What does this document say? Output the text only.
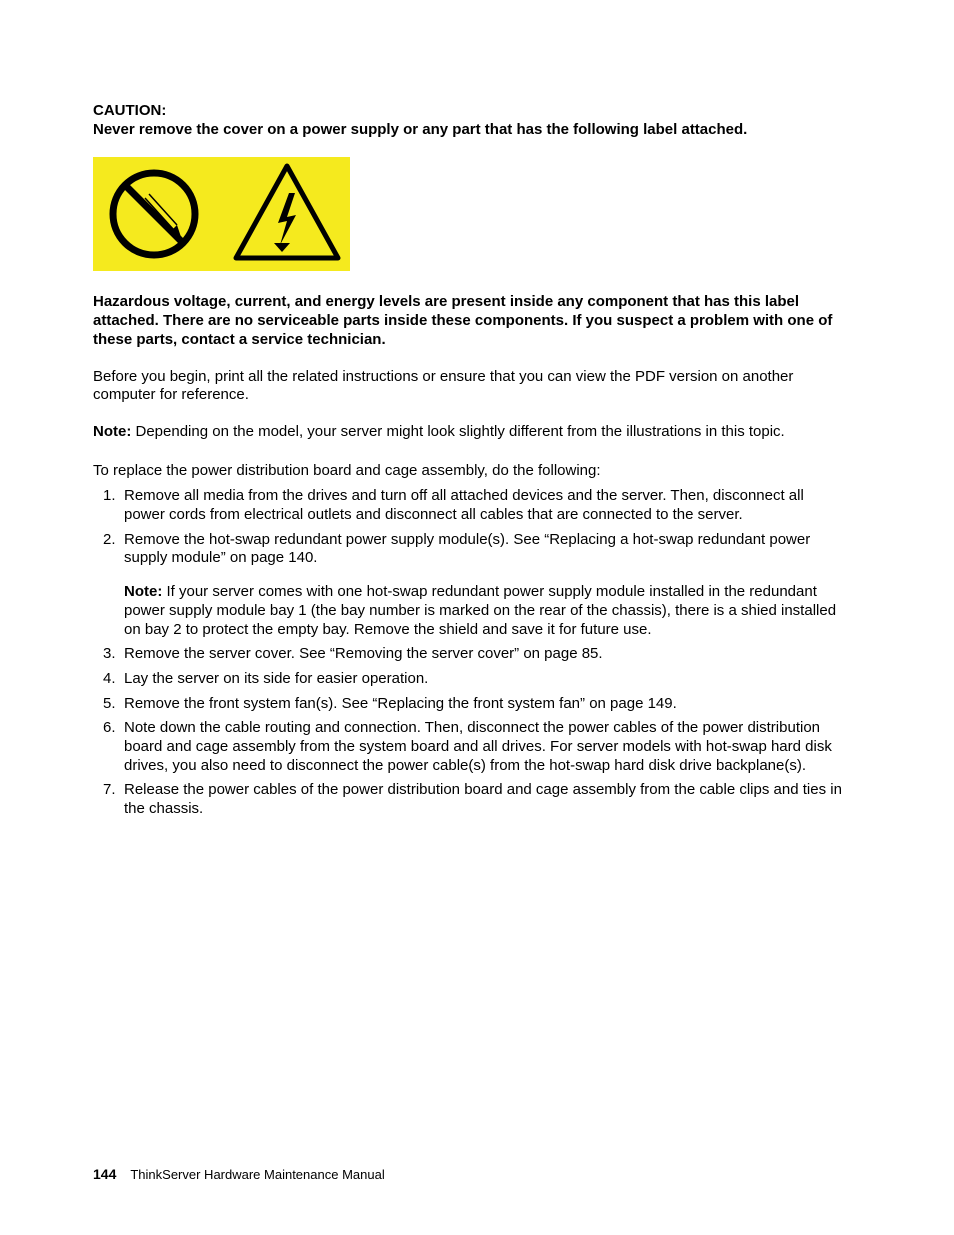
CAUTION:

Never remove the cover on a power supply or any part that has the following label attached.

Hazardous voltage, current, and energy levels are present inside any component that has this label attached. There are no serviceable parts inside these components. If you suspect a problem with one of these parts, contact a service technician.

Before you begin, print all the related instructions or ensure that you can view the PDF version on another computer for reference.

Note: Depending on the model, your server might look slightly different from the illustrations in this topic.

To replace the power distribution board and cage assembly, do the following:

1. Remove all media from the drives and turn off all attached devices and the server. Then, disconnect all power cords from electrical outlets and disconnect all cables that are connected to the server.
2. Remove the hot-swap redundant power supply module(s). See “Replacing a hot-swap redundant power supply module” on page 140.

Note: If your server comes with one hot-swap redundant power supply module installed in the redundant power supply module bay 1 (the bay number is marked on the rear of the chassis), there is a shied installed on bay 2 to protect the empty bay. Remove the shield and save it for future use.

3. Remove the server cover. See “Removing the server cover” on page 85.
4. Lay the server on its side for easier operation.
5. Remove the front system fan(s). See “Replacing the front system fan” on page 149.
6. Note down the cable routing and connection. Then, disconnect the power cables of the power distribution board and cage assembly from the system board and all drives. For server models with hot-swap hard disk drives, you also need to disconnect the power cable(s) from the hot-swap hard disk drive backplane(s).
7. Release the power cables of the power distribution board and cage assembly from the cable clips and ties in the chassis.
144 ThinkServer Hardware Maintenance Manual
